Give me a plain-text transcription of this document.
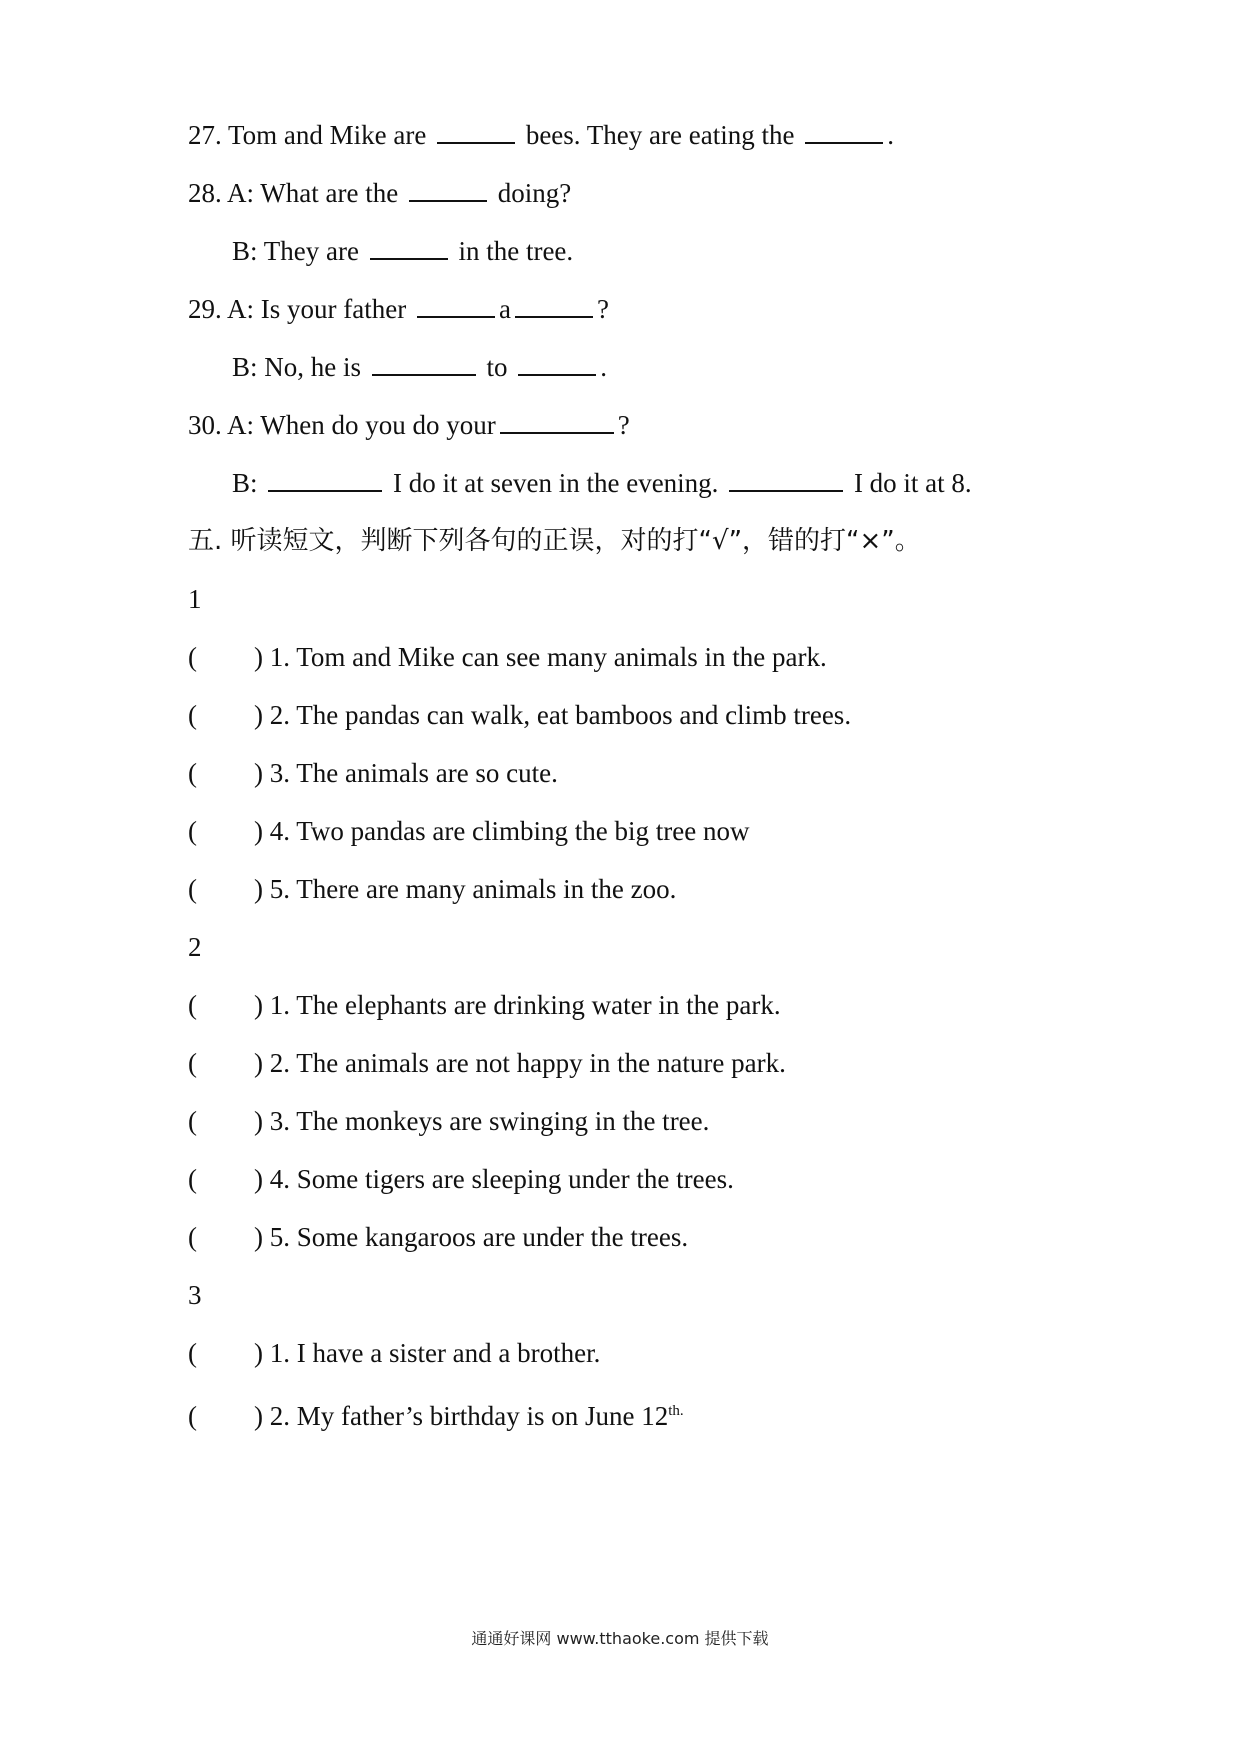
27. Tom and Mike are	bees. They are eating the	.
28. A: What are the	doing?
B: They are	in the tree.
29. A: Is your father	a	?
B: No, he is	to	.
30. A: When do you do your	?
B:	I do it at seven in the evening.	I do it at 8.
五. 听读短文，判断下列各句的正误，对的打“√”，错的打“×”。
1
( ) 1. Tom and Mike can see many animals in the park.
( ) 2. The pandas can walk, eat bamboos and climb trees.
( ) 3. The animals are so cute.
( ) 4. Two pandas are climbing the big tree now
( ) 5. There are many animals in the zoo.
2
( ) 1. The elephants are drinking water in the park.
( ) 2. The animals are not happy in the nature park.
( ) 3. The monkeys are swinging in the tree.
( ) 4. Some tigers are sleeping under the trees.
( ) 5. Some kangaroos are under the trees.
3
( ) 1. I have a sister and a brother.
( ) 2. My father’s birthday is on June $12^{th.}$
通通好课网 www.tthaoke.com 提供下载
